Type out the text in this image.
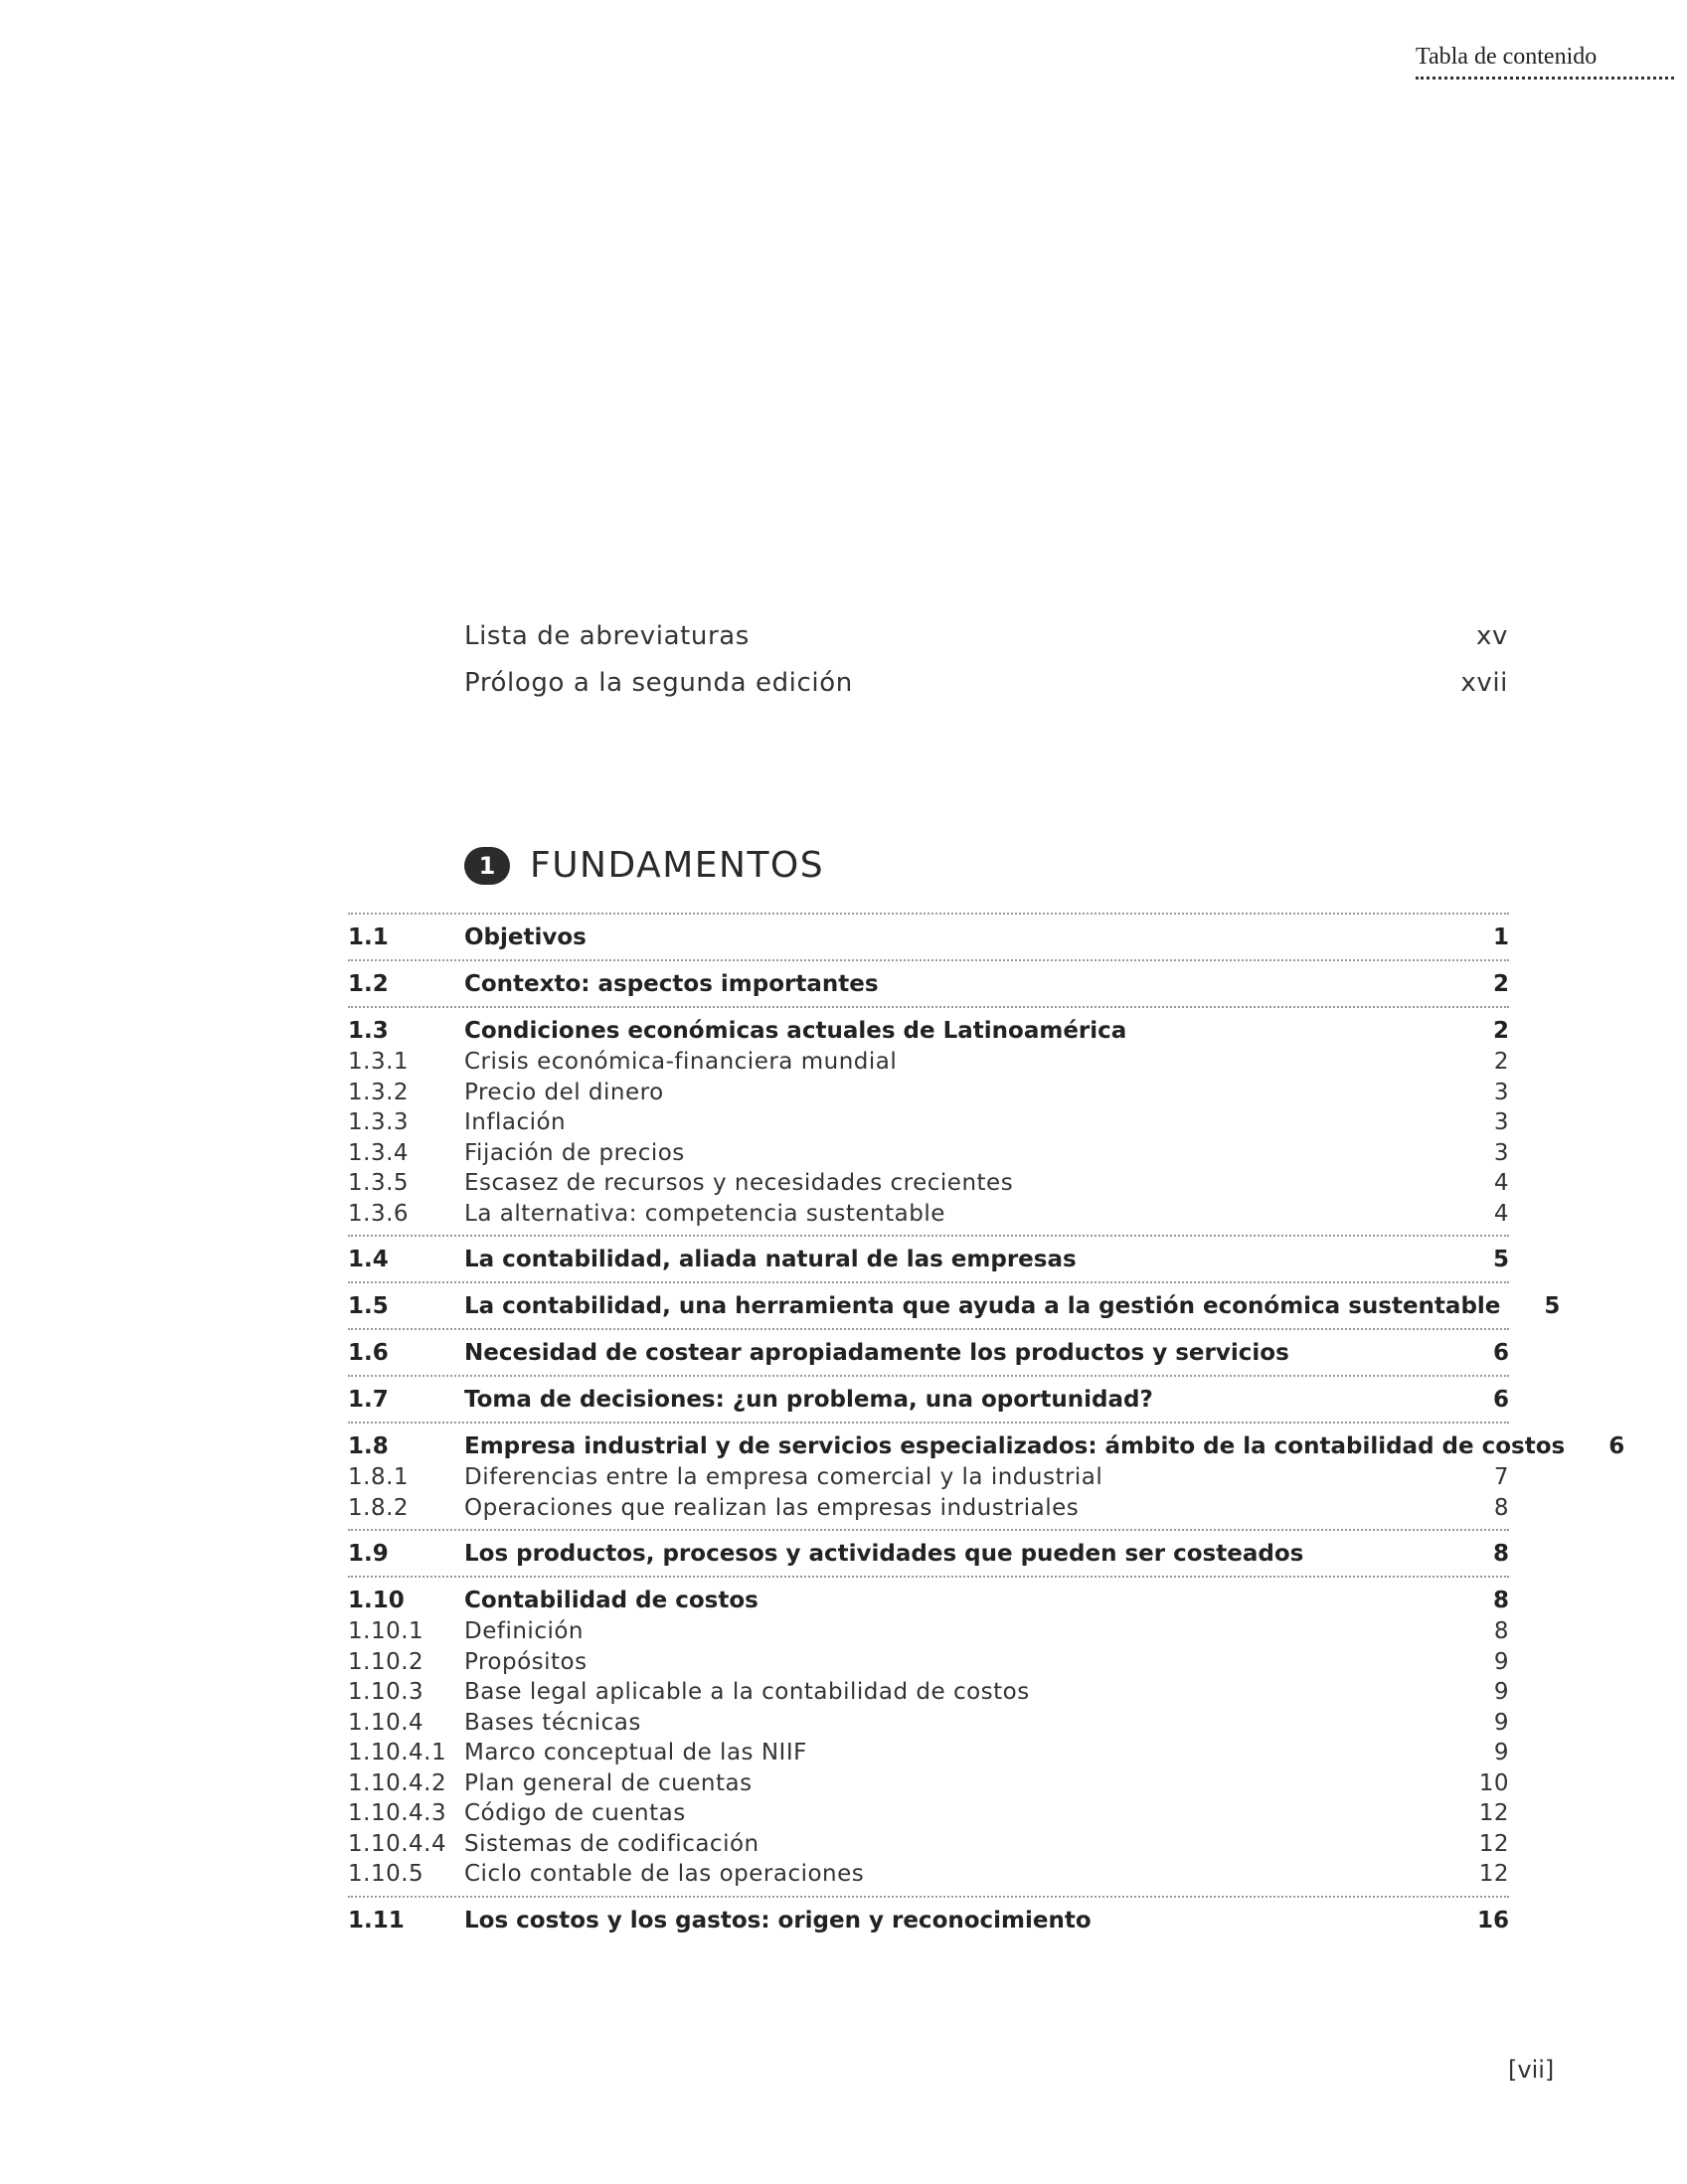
Tabla de contenido
Lista de abreviaturas	xv
Prólogo a la segunda edición	xvii
1 FUNDAMENTOS
1.1	Objetivos	1
1.2	Contexto: aspectos importantes	2
1.3	Condiciones económicas actuales de Latinoamérica	2
1.3.1	Crisis económica-financiera mundial	2
1.3.2	Precio del dinero	3
1.3.3	Inflación	3
1.3.4	Fijación de precios	3
1.3.5	Escasez de recursos y necesidades crecientes	4
1.3.6	La alternativa: competencia sustentable	4
1.4	La contabilidad, aliada natural de las empresas	5
1.5	La contabilidad, una herramienta que ayuda a la gestión económica sustentable	5
1.6	Necesidad de costear apropiadamente los productos y servicios	6
1.7	Toma de decisiones: ¿un problema, una oportunidad?	6
1.8	Empresa industrial y de servicios especializados: ámbito de la contabilidad de costos	6
1.8.1	Diferencias entre la empresa comercial y la industrial	7
1.8.2	Operaciones que realizan las empresas industriales	8
1.9	Los productos, procesos y actividades que pueden ser costeados	8
1.10	Contabilidad de costos	8
1.10.1	Definición	8
1.10.2	Propósitos	9
1.10.3	Base legal aplicable a la contabilidad de costos	9
1.10.4	Bases técnicas	9
1.10.4.1 Marco conceptual de las NIIF	9
1.10.4.2 Plan general de cuentas	10
1.10.4.3 Código de cuentas	12
1.10.4.4 Sistemas de codificación	12
1.10.5	Ciclo contable de las operaciones	12
1.11	Los costos y los gastos: origen y reconocimiento	16
[vii]
